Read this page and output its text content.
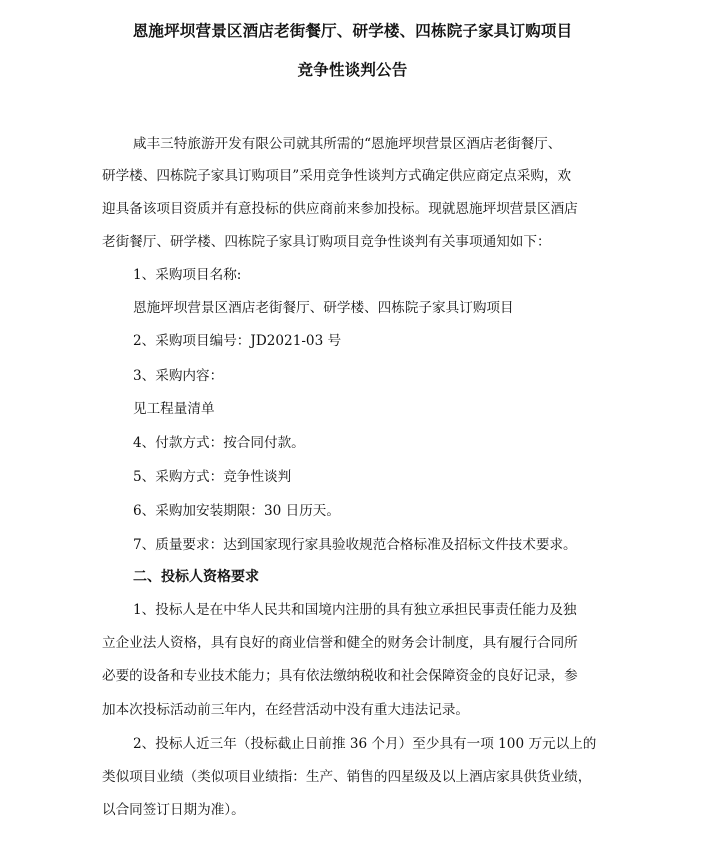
恩施坪坝营景区酒店老街餐厅、研学楼、四栋院子家具订购项目
竞争性谈判公告
咸丰三特旅游开发有限公司就其所需的“恩施坪坝营景区酒店老街餐厅、
研学楼、四栋院子家具订购项目”采用竞争性谈判方式确定供应商定点采购，欢
迎具备该项目资质并有意投标的供应商前来参加投标。现就恩施坪坝营景区酒店
老街餐厅、研学楼、四栋院子家具订购项目竞争性谈判有关事项通知如下：
1、采购项目名称:
恩施坪坝营景区酒店老街餐厅、研学楼、四栋院子家具订购项目
2、采购项目编号：JD2021-03 号
3、采购内容：
见工程量清单
4、付款方式：按合同付款。
5、采购方式：竞争性谈判
6、采购加安装期限：30 日历天。
7、质量要求：达到国家现行家具验收规范合格标准及招标文件技术要求。
二、投标人资格要求
1、投标人是在中华人民共和国境内注册的具有独立承担民事责任能力及独
立企业法人资格，具有良好的商业信誉和健全的财务会计制度，具有履行合同所
必要的设备和专业技术能力；具有依法缴纳税收和社会保障资金的良好记录，参
加本次投标活动前三年内，在经营活动中没有重大违法记录。
2、投标人近三年（投标截止日前推 36 个月）至少具有一项 100 万元以上的
类似项目业绩（类似项目业绩指：生产、销售的四星级及以上酒店家具供货业绩，
以合同签订日期为准）。
